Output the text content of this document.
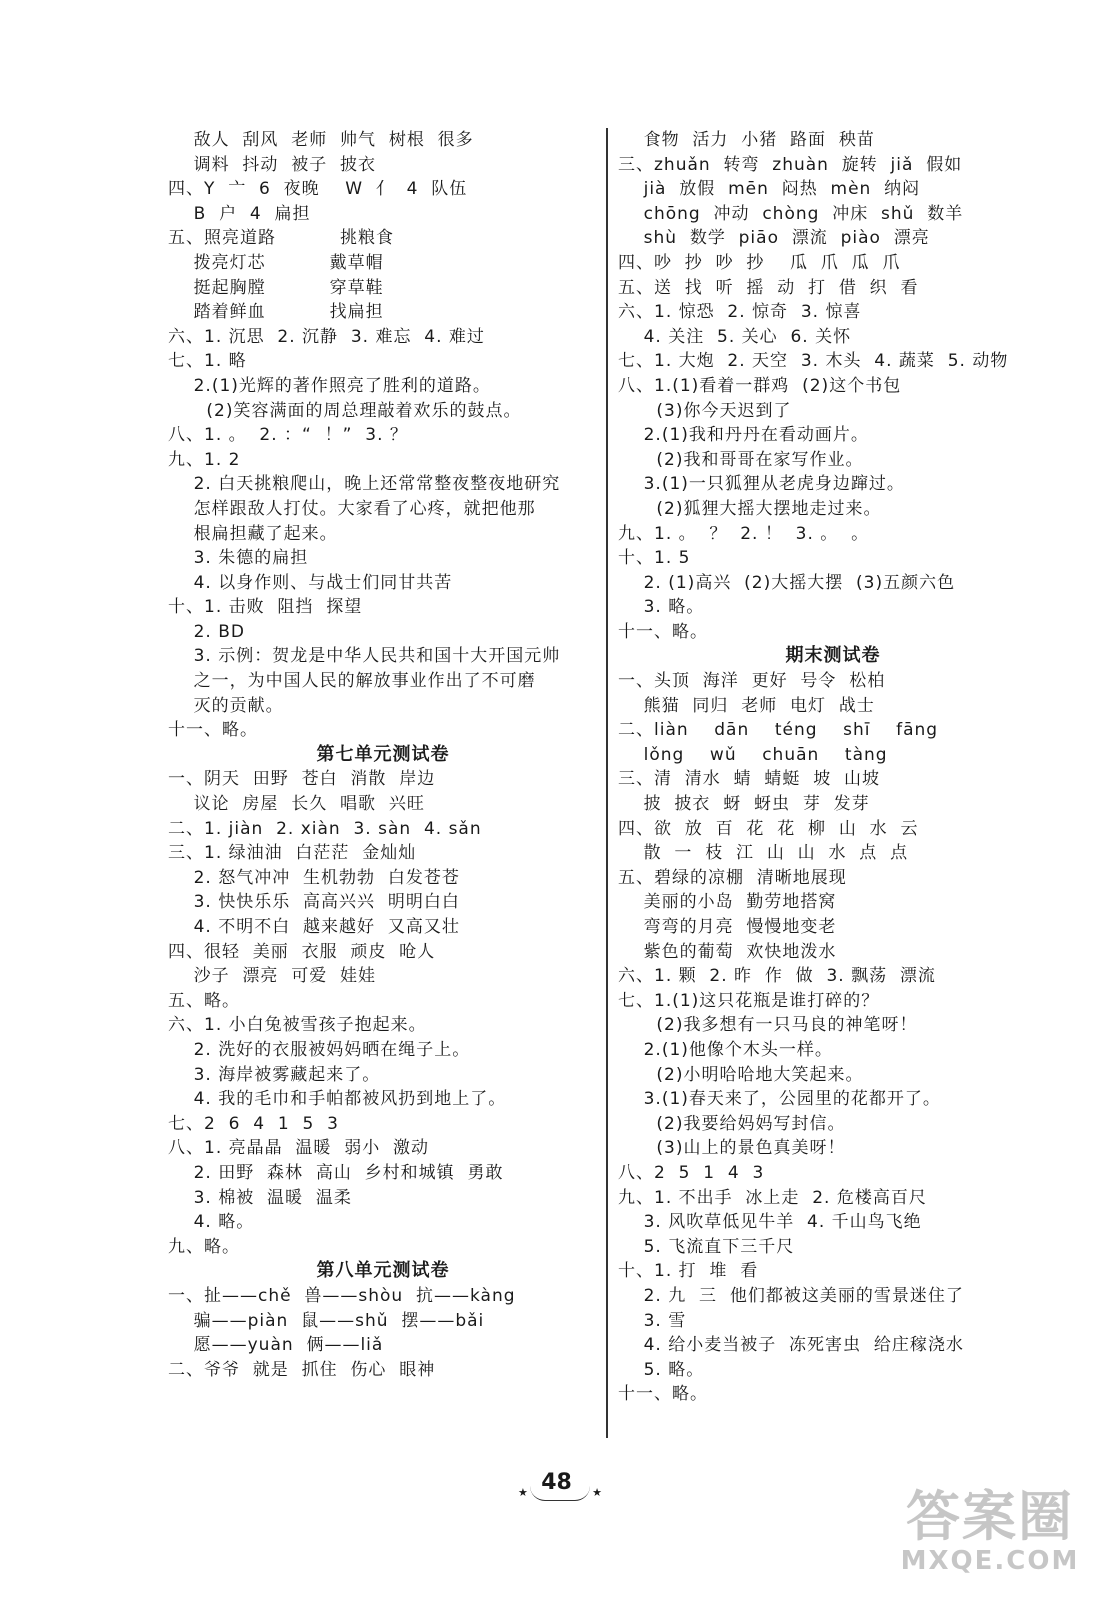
敌人  刮风  老师  帅气  树根  很多
调料  抖动  被子  披衣
四、Y  亠  6  夜晚    W  亻  4  队伍
B  户  4  扁担
五、照亮道路          挑粮食
拨亮灯芯          戴草帽
挺起胸膛          穿草鞋
踏着鲜血          找扁担
六、1. 沉思  2. 沉静  3. 难忘  4. 难过
七、1. 略
2.(1)光辉的著作照亮了胜利的道路。
(2)笑容满面的周总理敲着欢乐的鼓点。
八、1. 。  2. ：“  ！”  3. ？
九、1. 2
2. 白天挑粮爬山，晚上还常常整夜整夜地研究
怎样跟敌人打仗。大家看了心疼，就把他那
根扁担藏了起来。
3. 朱德的扁担
4. 以身作则、与战士们同甘共苦
十、1. 击败  阻挡  探望
2. BD
3. 示例：贺龙是中华人民共和国十大开国元帅
之一，为中国人民的解放事业作出了不可磨
灭的贡献。
十一、略。
第七单元测试卷
一、阴天  田野  苍白  消散  岸边
议论  房屋  长久  唱歌  兴旺
二、1. jiàn  2. xiàn  3. sàn  4. sǎn
三、1. 绿油油  白茫茫  金灿灿
2. 怒气冲冲  生机勃勃  白发苍苍
3. 快快乐乐  高高兴兴  明明白白
4. 不明不白  越来越好  又高又壮
四、很轻  美丽  衣服  顽皮  呛人
沙子  漂亮  可爱  娃娃
五、略。
六、1. 小白兔被雪孩子抱起来。
2. 洗好的衣服被妈妈晒在绳子上。
3. 海岸被雾藏起来了。
4. 我的毛巾和手帕都被风扔到地上了。
七、2  6  4  1  5  3
八、1. 亮晶晶  温暖  弱小  激动
2. 田野  森林  高山  乡村和城镇  勇敢
3. 棉被  温暖  温柔
4. 略。
九、略。
第八单元测试卷
一、扯——chě  兽——shòu  抗——kàng
骗——piàn  鼠——shǔ  摆——bǎi
愿——yuàn  俩——liǎ
二、爷爷  就是  抓住  伤心  眼神
食物  活力  小猪  路面  秧苗
三、zhuǎn  转弯  zhuàn  旋转  jiǎ  假如
jià  放假  mēn  闷热  mèn  纳闷
chōng  冲动  chòng  冲床  shǔ  数羊
shù  数学  piāo  漂流  piào  漂亮
四、吵  抄  吵  抄    瓜  爪  瓜  爪
五、送  找  听  摇  动  打  借  织  看
六、1. 惊恐  2. 惊奇  3. 惊喜
4. 关注  5. 关心  6. 关怀
七、1. 大炮  2. 天空  3. 木头  4. 蔬菜  5. 动物
八、1.(1)看着一群鸡  (2)这个书包
(3)你今天迟到了
2.(1)我和丹丹在看动画片。
(2)我和哥哥在家写作业。
3.(1)一只狐狸从老虎身边蹿过。
(2)狐狸大摇大摆地走过来。
九、1. 。  ？  2. ！  3. 。  。
十、1. 5
2. (1)高兴  (2)大摇大摆  (3)五颜六色
3. 略。
十一、略。
期末测试卷
一、头顶  海洋  更好  号令  松柏
熊猫  同归  老师  电灯  战士
二、liàn    dān    téng    shī    fāng
lǒng    wǔ    chuān    tàng
三、清  清水  蜻  蜻蜓  坡  山坡
披  披衣  蚜  蚜虫  芽  发芽
四、欲  放  百  花  花  柳  山  水  云
散  一  枝  江  山  山  水  点  点
五、碧绿的凉棚  清晰地展现
美丽的小岛  勤劳地搭窝
弯弯的月亮  慢慢地变老
紫色的葡萄  欢快地泼水
六、1. 颗  2. 昨  作  做  3. 飘荡  漂流
七、1.(1)这只花瓶是谁打碎的？
(2)我多想有一只马良的神笔呀！
2.(1)他像个木头一样。
(2)小明哈哈地大笑起来。
3.(1)春天来了，公园里的花都开了。
(2)我要给妈妈写封信。
(3)山上的景色真美呀！
八、2  5  1  4  3
九、1. 不出手  冰上走  2. 危楼高百尺
3. 风吹草低见牛羊  4. 千山鸟飞绝
5. 飞流直下三千尺
十、1. 打  堆  看
2. 九  三  他们都被这美丽的雪景迷住了
3. 雪
4. 给小麦当被子  冻死害虫  给庄稼浇水
5. 略。
十一、略。
48
★	★	答案圈
MXQE.COM
